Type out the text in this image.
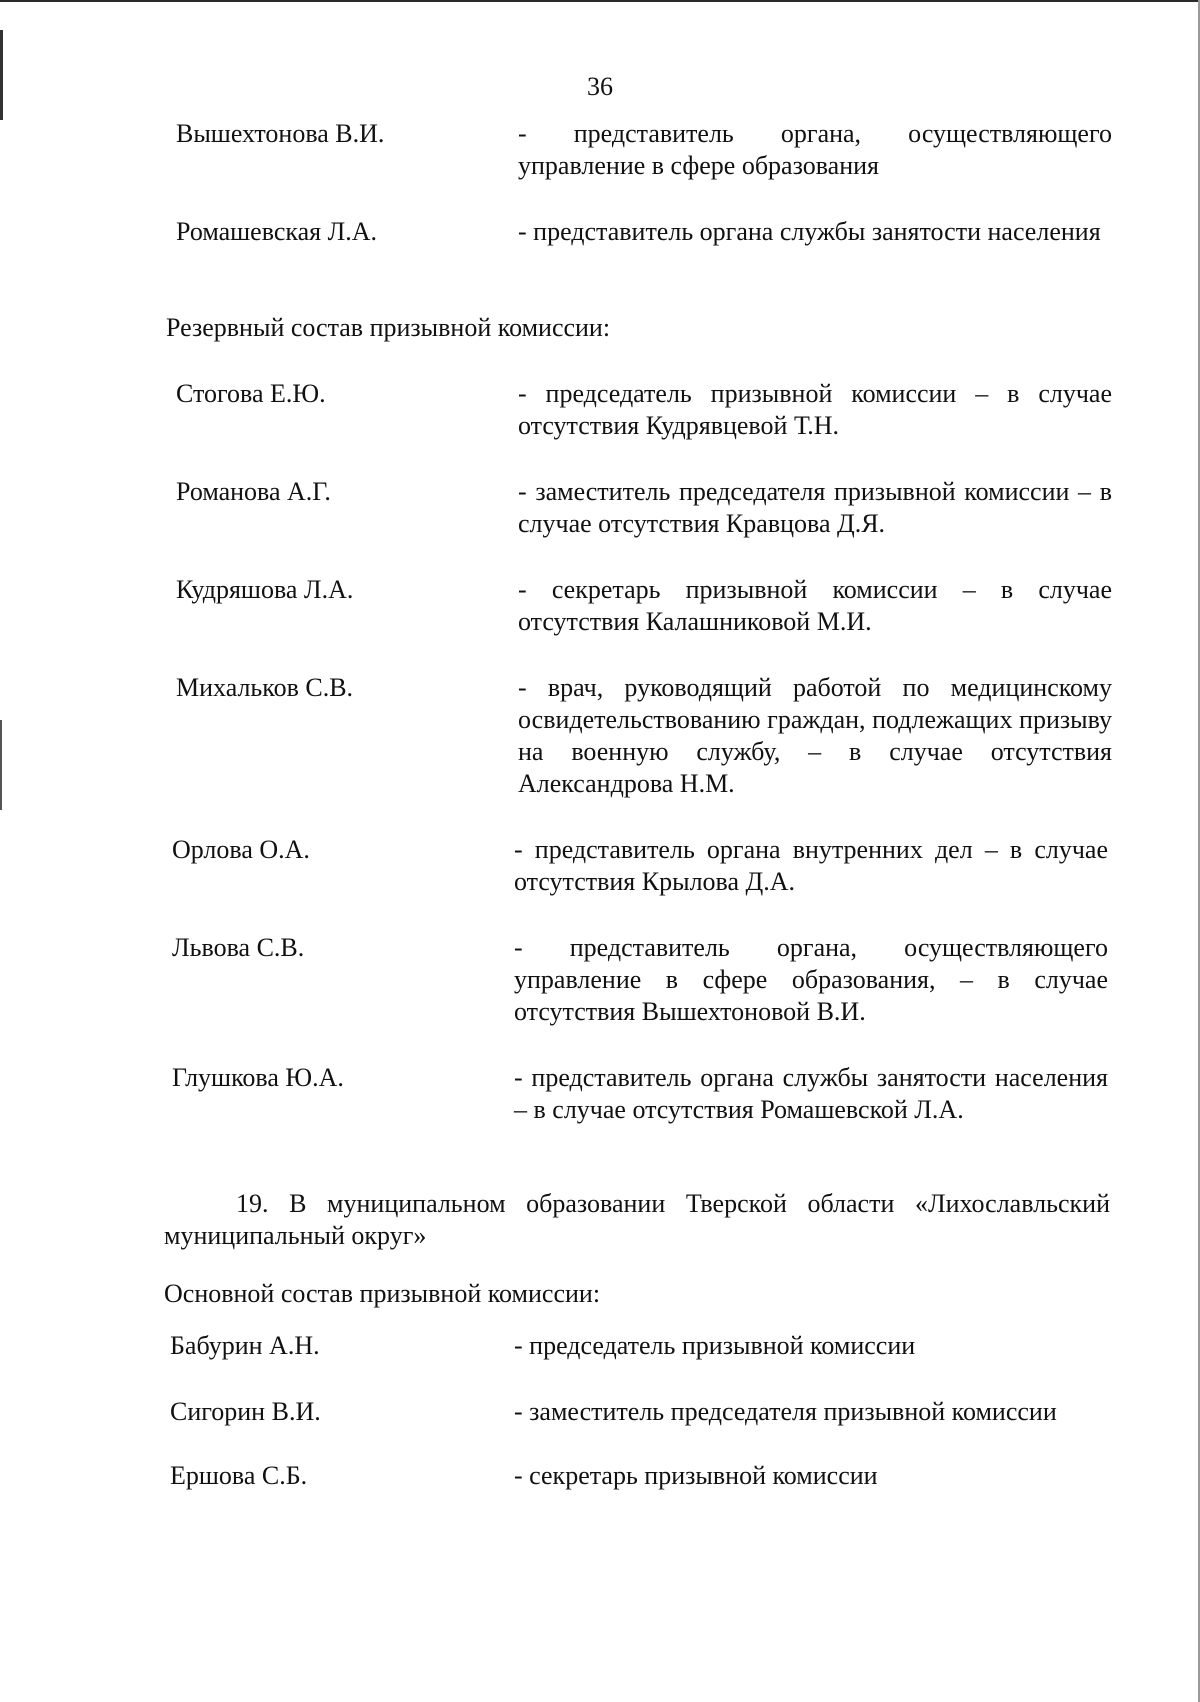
36
Вышехтонова В.И.	- представитель органа, осуществляющего управление в сфере образования
Ромашевская Л.А.	- представитель органа службы занятости населения
Резервный состав призывной комиссии:
Стогова Е.Ю.	- председатель призывной комиссии – в случае отсутствия Кудрявцевой Т.Н.
Романова А.Г.	- заместитель председателя призывной комиссии – в случае отсутствия Кравцова Д.Я.
Кудряшова Л.А.	- секретарь призывной комиссии – в случае отсутствия Калашниковой М.И.
Михальков С.В.	- врач, руководящий работой по медицинскому освидетельствованию граждан, подлежащих призыву на военную службу, – в случае отсутствия Александрова Н.М.
Орлова О.А.	- представитель органа внутренних дел – в случае отсутствия Крылова Д.А.
Львова С.В.	- представитель органа, осуществляющего управление в сфере образования, – в случае отсутствия Вышехтоновой В.И.
Глушкова Ю.А.	- представитель органа службы занятости населения – в случае отсутствия Ромашевской Л.А.
19. В муниципальном образовании Тверской области «Лихославльский муниципальный округ»
Основной состав призывной комиссии:
Бабурин А.Н.	- председатель призывной комиссии
Сигорин В.И.	- заместитель председателя призывной комиссии
Ершова С.Б.	- секретарь призывной комиссии
